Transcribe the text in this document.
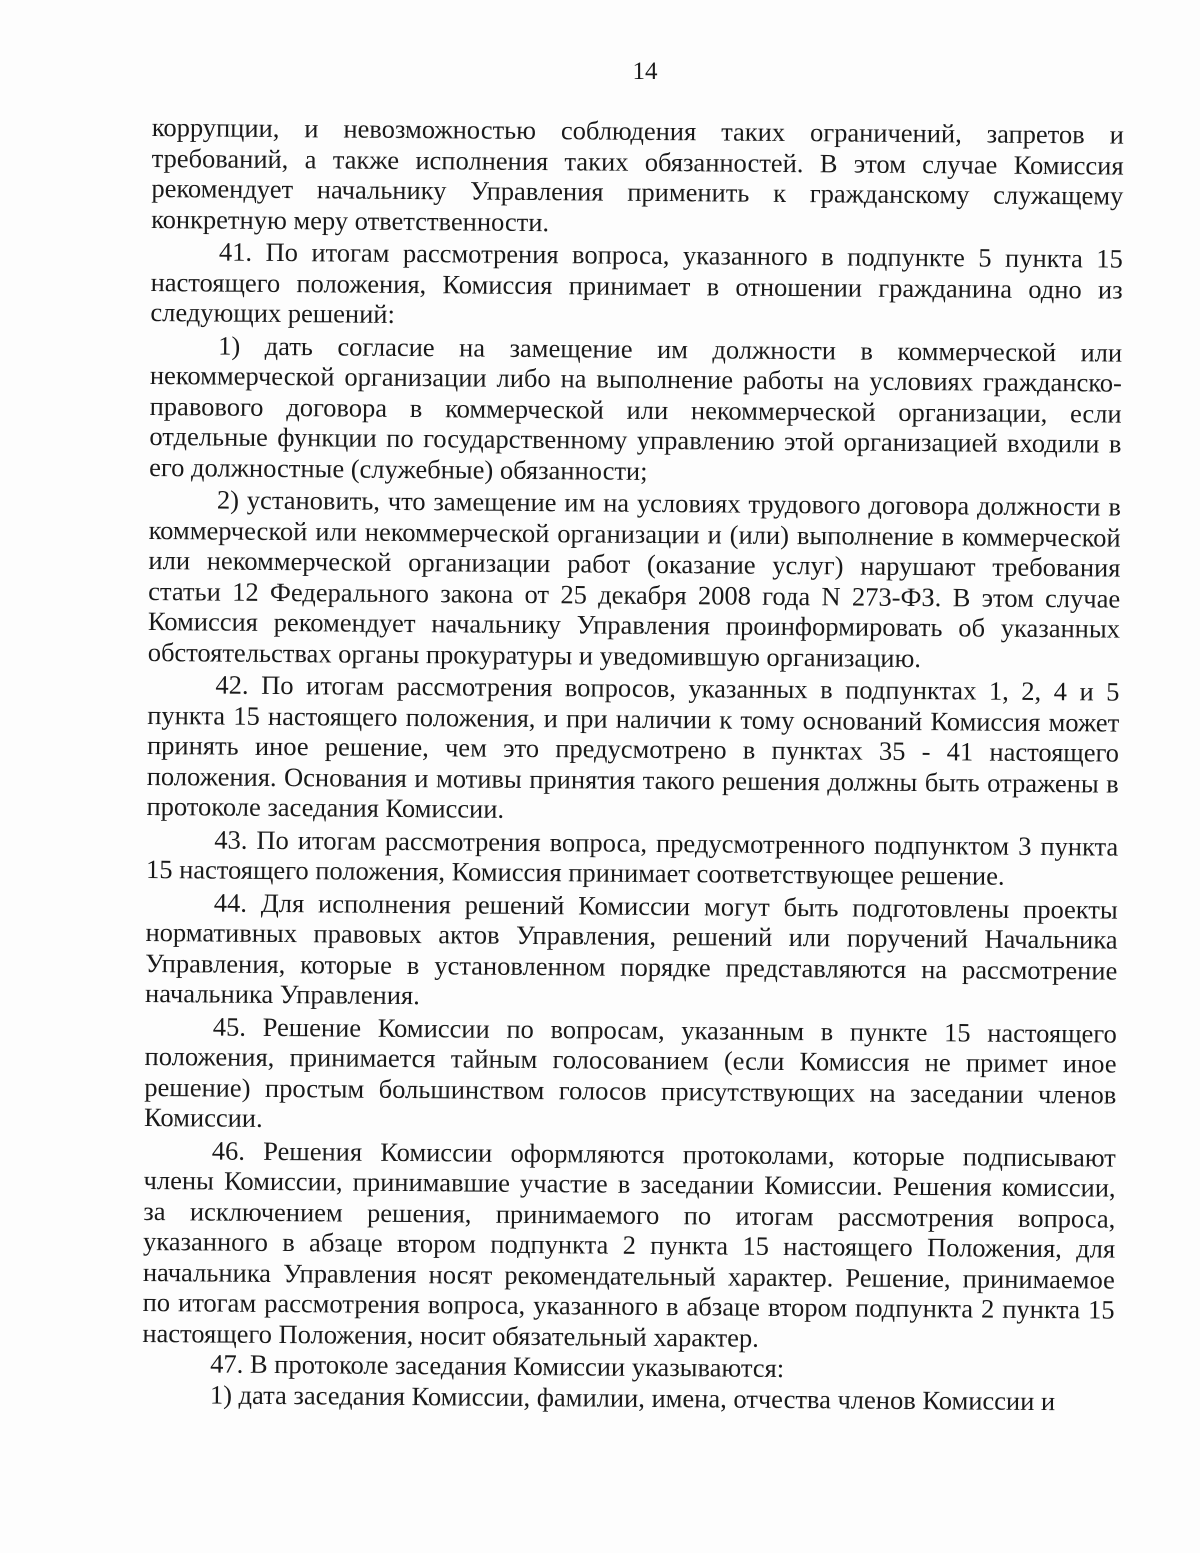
14

коррупции, и невозможностью соблюдения таких ограничений, запретов и требований, а также исполнения таких обязанностей. В этом случае Комиссия рекомендует начальнику Управления применить к гражданскому служащему конкретную меру ответственности.

41. По итогам рассмотрения вопроса, указанного в подпункте 5 пункта 15 настоящего положения, Комиссия принимает в отношении гражданина одно из следующих решений:

1) дать согласие на замещение им должности в коммерческой или некоммерческой организации либо на выполнение работы на условиях гражданско-правового договора в коммерческой или некоммерческой организации, если отдельные функции по государственному управлению этой организацией входили в его должностные (служебные) обязанности;

2) установить, что замещение им на условиях трудового договора должности в коммерческой или некоммерческой организации и (или) выполнение в коммерческой или некоммерческой организации работ (оказание услуг) нарушают требования статьи 12 Федерального закона от 25 декабря 2008 года N 273-ФЗ. В этом случае Комиссия рекомендует начальнику Управления проинформировать об указанных обстоятельствах органы прокуратуры и уведомившую организацию.

42. По итогам рассмотрения вопросов, указанных в подпунктах 1, 2, 4 и 5 пункта 15 настоящего положения, и при наличии к тому оснований Комиссия может принять иное решение, чем это предусмотрено в пунктах 35 - 41 настоящего положения. Основания и мотивы принятия такого решения должны быть отражены в протоколе заседания Комиссии.

43. По итогам рассмотрения вопроса, предусмотренного подпунктом 3 пункта 15 настоящего положения, Комиссия принимает соответствующее решение.

44. Для исполнения решений Комиссии могут быть подготовлены проекты нормативных правовых актов Управления, решений или поручений Начальника Управления, которые в установленном порядке представляются на рассмотрение начальника Управления.

45. Решение Комиссии по вопросам, указанным в пункте 15 настоящего положения, принимается тайным голосованием (если Комиссия не примет иное решение) простым большинством голосов присутствующих на заседании членов Комиссии.

46. Решения Комиссии оформляются протоколами, которые подписывают члены Комиссии, принимавшие участие в заседании Комиссии. Решения комиссии, за исключением решения, принимаемого по итогам рассмотрения вопроса, указанного в абзаце втором подпункта 2 пункта 15 настоящего Положения, для начальника Управления носят рекомендательный характер. Решение, принимаемое по итогам рассмотрения вопроса, указанного в абзаце втором подпункта 2 пункта 15 настоящего Положения, носит обязательный характер.

47. В протоколе заседания Комиссии указываются:

1) дата заседания Комиссии, фамилии, имена, отчества членов Комиссии и
